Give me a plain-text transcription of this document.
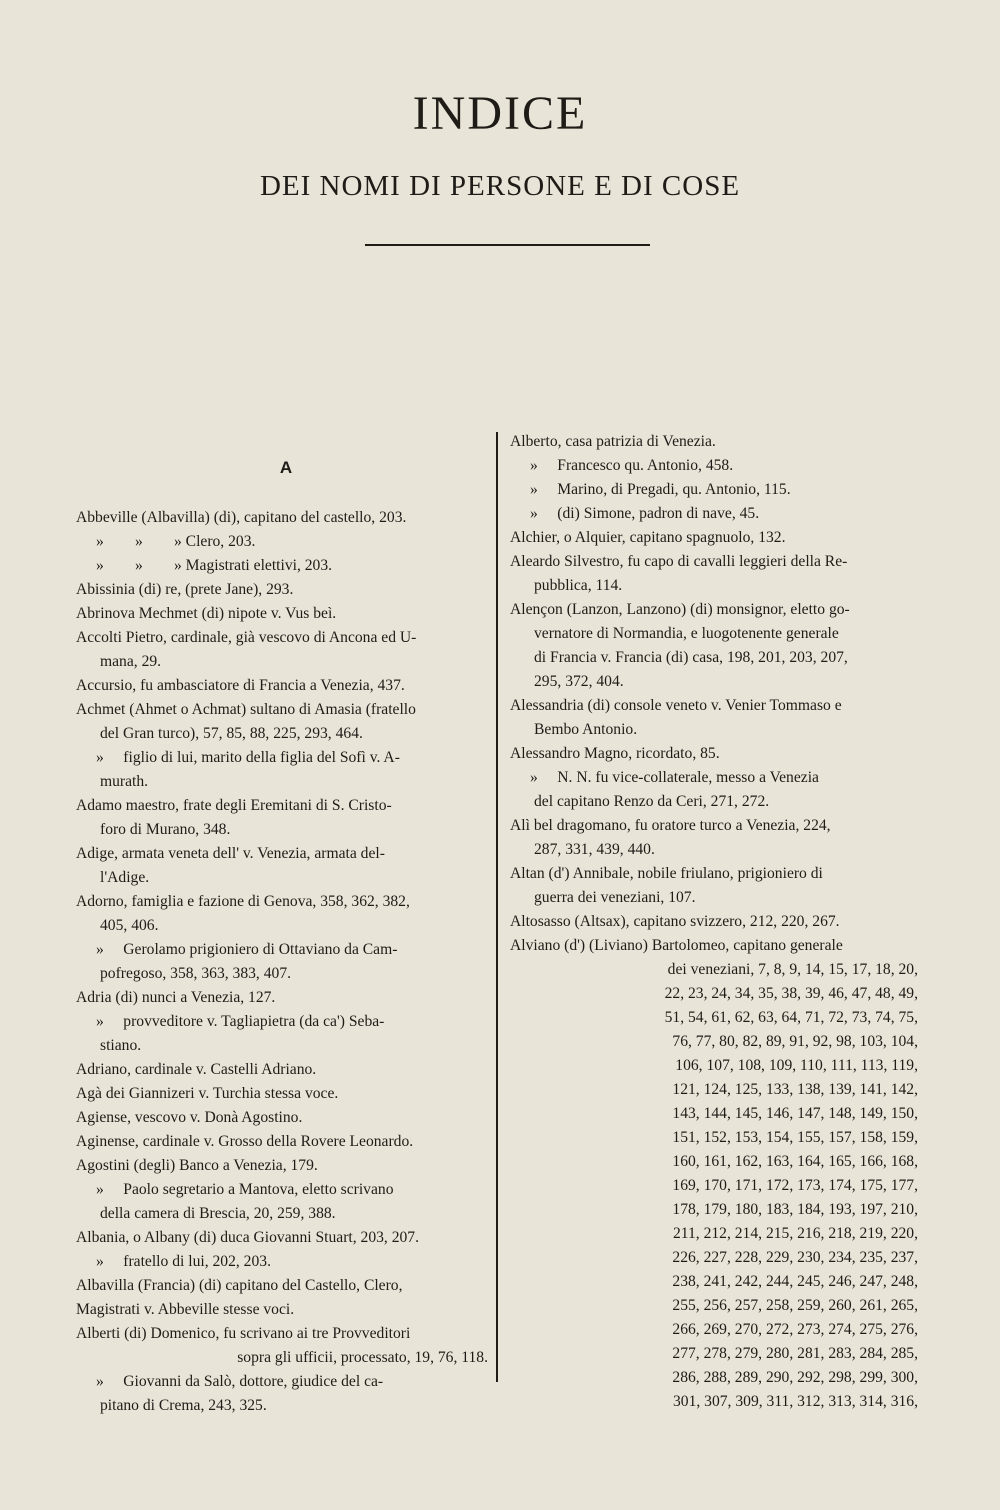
INDICE
DEI NOMI DI PERSONE E DI COSE
A
Abbeville (Albavilla) (di), capitano del castello, 203.
»        »        » Clero, 203.
»        »        » Magistrati elettivi, 203.
Abissinia (di) re, (prete Jane), 293.
Abrinova Mechmet (di) nipote v. Vus beì.
Accolti Pietro, cardinale, già vescovo di Ancona ed U-
mana, 29.
Accursio, fu ambasciatore di Francia a Venezia, 437.
Achmet (Ahmet o Achmat) sultano di Amasia (fratello
del Gran turco), 57, 85, 88, 225, 293, 464.
»     figlio di lui, marito della figlia del Sofì v. A-
murath.
Adamo maestro, frate degli Eremitani di S. Cristo-
foro di Murano, 348.
Adige, armata veneta dell' v. Venezia, armata del-
l'Adige.
Adorno, famiglia e fazione di Genova, 358, 362, 382,
405, 406.
»     Gerolamo prigioniero di Ottaviano da Cam-
pofregoso, 358, 363, 383, 407.
Adria (di) nunci a Venezia, 127.
»     provveditore v. Tagliapietra (da ca') Seba-
stiano.
Adriano, cardinale v. Castelli Adriano.
Agà dei Giannizeri v. Turchia stessa voce.
Agiense, vescovo v. Donà Agostino.
Aginense, cardinale v. Grosso della Rovere Leonardo.
Agostini (degli) Banco a Venezia, 179.
»     Paolo segretario a Mantova, eletto scrivano
della camera di Brescia, 20, 259, 388.
Albania, o Albany (di) duca Giovanni Stuart, 203, 207.
»     fratello di lui, 202, 203.
Albavilla (Francia) (di) capitano del Castello, Clero,
Magistrati v. Abbeville stesse voci.
Alberti (di) Domenico, fu scrivano ai tre Provveditori
sopra gli ufficii, processato, 19, 76, 118.
»     Giovanni da Salò, dottore, giudice del ca-
pitano di Crema, 243, 325.
Alberto, casa patrizia di Venezia.
»     Francesco qu. Antonio, 458.
»     Marino, di Pregadi, qu. Antonio, 115.
»     (di) Simone, padron di nave, 45.
Alchier, o Alquier, capitano spagnuolo, 132.
Aleardo Silvestro, fu capo di cavalli leggieri della Re-
pubblica, 114.
Alençon (Lanzon, Lanzono) (di) monsignor, eletto go-
vernatore di Normandia, e luogotenente generale
di Francia v. Francia (di) casa, 198, 201, 203, 207,
295, 372, 404.
Alessandria (di) console veneto v. Venier Tommaso e
Bembo Antonio.
Alessandro Magno, ricordato, 85.
»     N. N. fu vice-collaterale, messo a Venezia
del capitano Renzo da Ceri, 271, 272.
Alì bel dragomano, fu oratore turco a Venezia, 224,
287, 331, 439, 440.
Altan (d') Annibale, nobile friulano, prigioniero di
guerra dei veneziani, 107.
Altosasso (Altsax), capitano svizzero, 212, 220, 267.
Alviano (d') (Liviano) Bartolomeo, capitano generale
dei veneziani, 7, 8, 9, 14, 15, 17, 18, 20,
22, 23, 24, 34, 35, 38, 39, 46, 47, 48, 49,
51, 54, 61, 62, 63, 64, 71, 72, 73, 74, 75,
76, 77, 80, 82, 89, 91, 92, 98, 103, 104,
106, 107, 108, 109, 110, 111, 113, 119,
121, 124, 125, 133, 138, 139, 141, 142,
143, 144, 145, 146, 147, 148, 149, 150,
151, 152, 153, 154, 155, 157, 158, 159,
160, 161, 162, 163, 164, 165, 166, 168,
169, 170, 171, 172, 173, 174, 175, 177,
178, 179, 180, 183, 184, 193, 197, 210,
211, 212, 214, 215, 216, 218, 219, 220,
226, 227, 228, 229, 230, 234, 235, 237,
238, 241, 242, 244, 245, 246, 247, 248,
255, 256, 257, 258, 259, 260, 261, 265,
266, 269, 270, 272, 273, 274, 275, 276,
277, 278, 279, 280, 281, 283, 284, 285,
286, 288, 289, 290, 292, 298, 299, 300,
301, 307, 309, 311, 312, 313, 314, 316,
